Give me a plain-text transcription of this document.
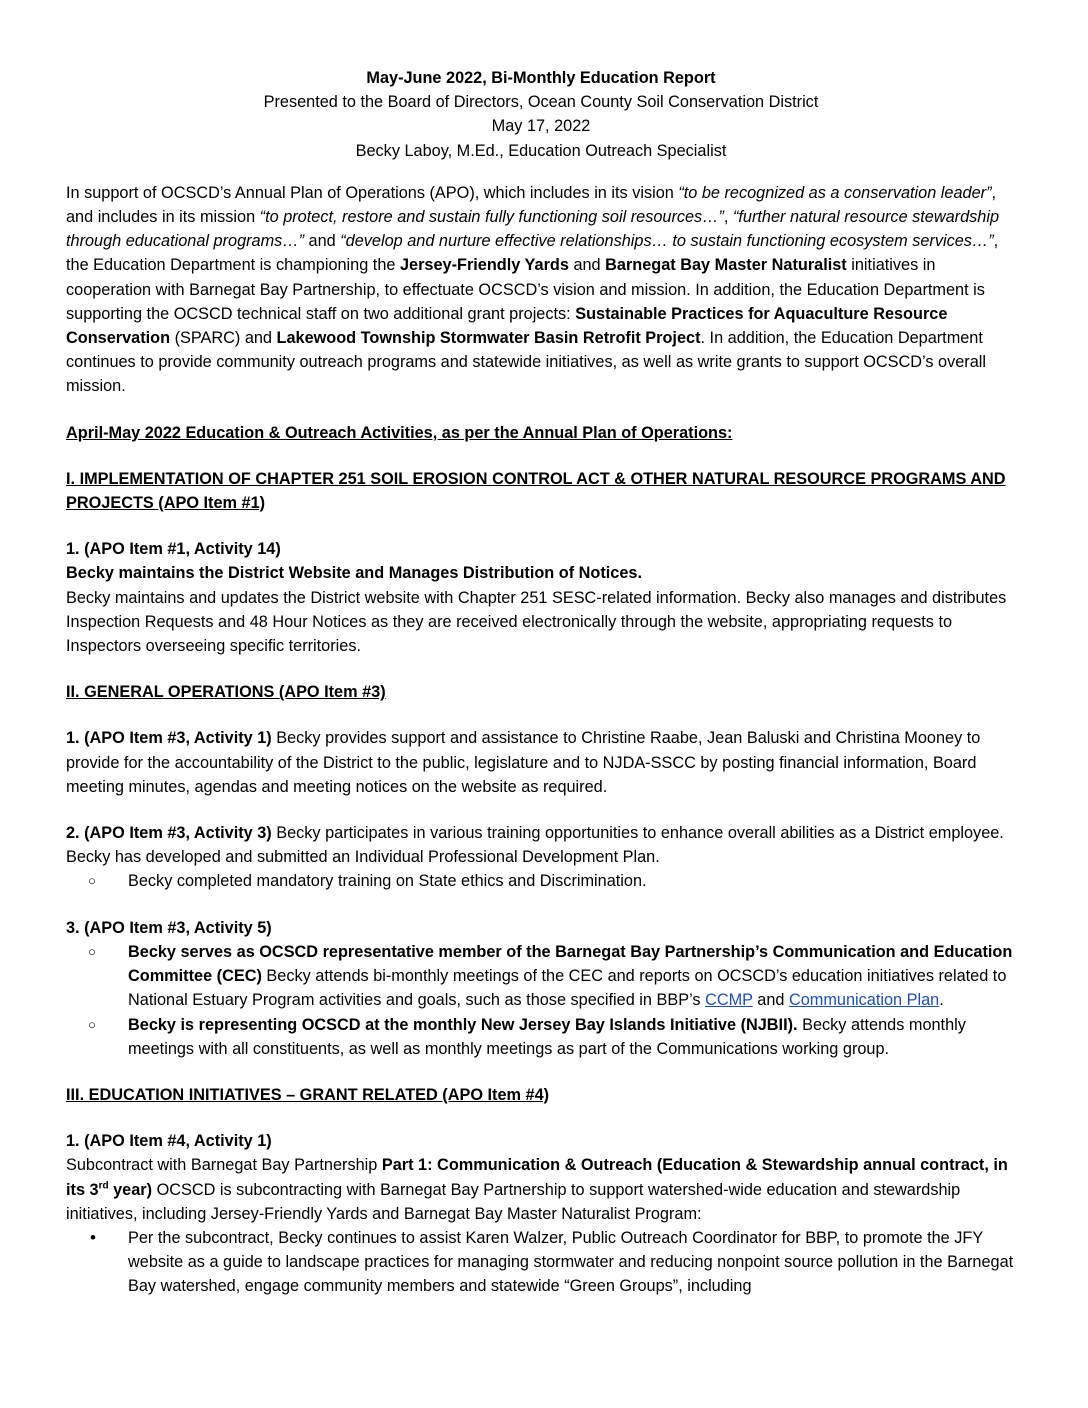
May-June 2022, Bi-Monthly Education Report
Presented to the Board of Directors, Ocean County Soil Conservation District
May 17, 2022
Becky Laboy, M.Ed., Education Outreach Specialist

In support of OCSCD’s Annual Plan of Operations (APO), which includes in its vision “to be recognized as a conservation leader”, and includes in its mission “to protect, restore and sustain fully functioning soil resources…”, “further natural resource stewardship through educational programs…” and “develop and nurture effective relationships… to sustain functioning ecosystem services…”, the Education Department is championing the Jersey-Friendly Yards and Barnegat Bay Master Naturalist initiatives in cooperation with Barnegat Bay Partnership, to effectuate OCSCD’s vision and mission. In addition, the Education Department is supporting the OCSCD technical staff on two additional grant projects: Sustainable Practices for Aquaculture Resource Conservation (SPARC) and Lakewood Township Stormwater Basin Retrofit Project. In addition, the Education Department continues to provide community outreach programs and statewide initiatives, as well as write grants to support OCSCD’s overall mission.

April-May 2022 Education & Outreach Activities, as per the Annual Plan of Operations:

I. IMPLEMENTATION OF CHAPTER 251 SOIL EROSION CONTROL ACT & OTHER NATURAL RESOURCE PROGRAMS AND PROJECTS (APO Item #1)

1. (APO Item #1, Activity 14)

Becky maintains the District Website and Manages Distribution of Notices.

Becky maintains and updates the District website with Chapter 251 SESC-related information. Becky also manages and distributes Inspection Requests and 48 Hour Notices as they are received electronically through the website, appropriating requests to Inspectors overseeing specific territories.

II. GENERAL OPERATIONS (APO Item #3)

1. (APO Item #3, Activity 1) Becky provides support and assistance to Christine Raabe, Jean Baluski and Christina Mooney to provide for the accountability of the District to the public, legislature and to NJDA-SSCC by posting financial information, Board meeting minutes, agendas and meeting notices on the website as required.

2. (APO Item #3, Activity 3) Becky participates in various training opportunities to enhance overall abilities as a District employee. Becky has developed and submitted an Individual Professional Development Plan.

○ Becky completed mandatory training on State ethics and Discrimination.

3. (APO Item #3, Activity 5)

○ Becky serves as OCSCD representative member of the Barnegat Bay Partnership’s Communication and Education Committee (CEC) Becky attends bi-monthly meetings of the CEC and reports on OCSCD’s education initiatives related to National Estuary Program activities and goals, such as those specified in BBP’s CCMP and Communication Plan.
○ Becky is representing OCSCD at the monthly New Jersey Bay Islands Initiative (NJBII). Becky attends monthly meetings with all constituents, as well as monthly meetings as part of the Communications working group.

III. EDUCATION INITIATIVES – GRANT RELATED (APO Item #4)

1. (APO Item #4, Activity 1)

Subcontract with Barnegat Bay Partnership Part 1: Communication & Outreach (Education & Stewardship annual contract, in its 3rd year) OCSCD is subcontracting with Barnegat Bay Partnership to support watershed-wide education and stewardship initiatives, including Jersey-Friendly Yards and Barnegat Bay Master Naturalist Program:

• Per the subcontract, Becky continues to assist Karen Walzer, Public Outreach Coordinator for BBP, to promote the JFY website as a guide to landscape practices for managing stormwater and reducing nonpoint source pollution in the Barnegat Bay watershed, engage community members and statewide “Green Groups”, including
